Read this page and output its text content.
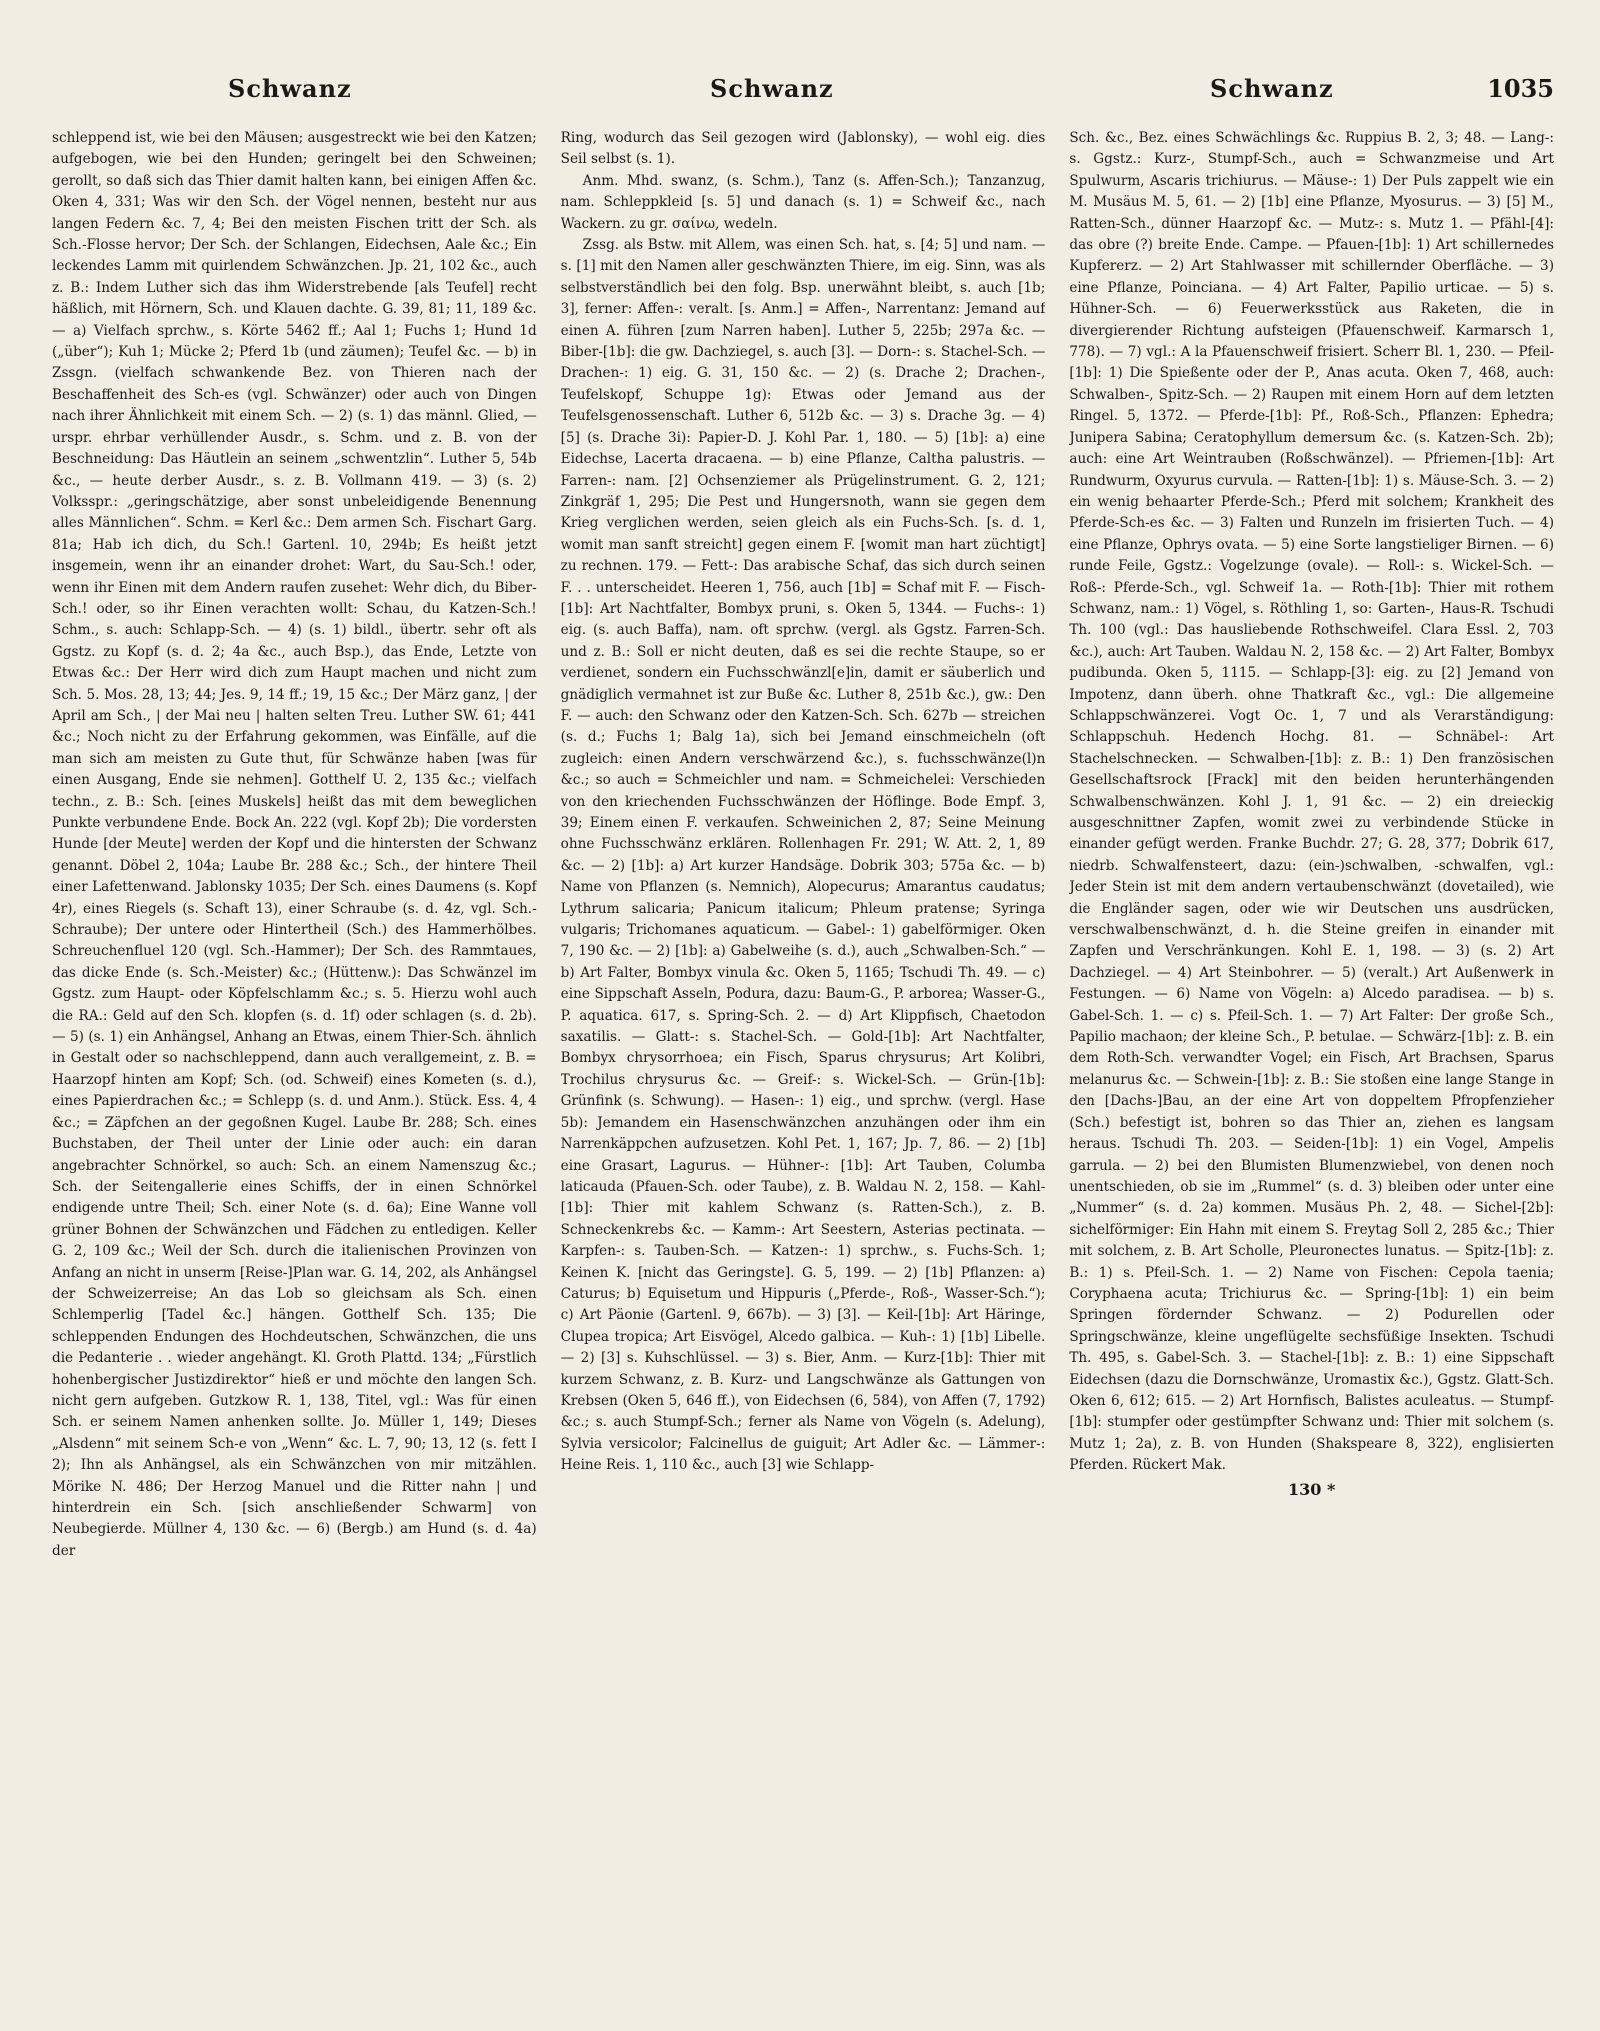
Schwanz	Schwanz	Schwanz	1035

schleppend ist, wie bei den Mäusen; ausgestreckt wie bei den Katzen; aufgebogen, wie bei den Hunden; geringelt bei den Schweinen; gerollt, so daß sich das Thier damit halten kann, bei einigen Affen &c. Oken 4, 331; Was wir den Sch. der Vögel nennen, besteht nur aus langen Federn &c. 7, 4; Bei den meisten Fischen tritt der Sch. als Sch.-Flosse hervor; Der Sch. der Schlangen, Eidechsen, Aale &c.; Ein leckendes Lamm mit quirlendem Schwänzchen. Jp. 21, 102 &c., auch z. B.: Indem Luther sich das ihm Widerstrebende [als Teufel] recht häßlich, mit Hörnern, Sch. und Klauen dachte. G. 39, 81; 11, 189 &c. — a) Vielfach sprchw., s. Körte 5462 ff.; Aal 1; Fuchs 1; Hund 1d („über“); Kuh 1; Mücke 2; Pferd 1b (und zäumen); Teufel &c. — b) in Zssgn. (vielfach schwankende Bez. von Thieren nach der Beschaffenheit des Sch-es (vgl. Schwänzer) oder auch von Dingen nach ihrer Ähnlichkeit mit einem Sch. — 2) (s. 1) das männl. Glied, — urspr. ehrbar verhüllender Ausdr., s. Schm. und z. B. von der Beschneidung: Das Häutlein an seinem „schwentzlin“. Luther 5, 54b &c., — heute derber Ausdr., s. z. B. Vollmann 419. — 3) (s. 2) Volksspr.: „geringschätzige, aber sonst unbeleidigende Benennung alles Männlichen“. Schm. = Kerl &c.: Dem armen Sch. Fischart Garg. 81a; Hab ich dich, du Sch.! Gartenl. 10, 294b; Es heißt jetzt insgemein, wenn ihr an einander drohet: Wart, du Sau-Sch.! oder, wenn ihr Einen mit dem Andern raufen zusehet: Wehr dich, du Biber-Sch.! oder, so ihr Einen verachten wollt: Schau, du Katzen-Sch.! Schm., s. auch: Schlapp-Sch. — 4) (s. 1) bildl., übertr. sehr oft als Ggstz. zu Kopf (s. d. 2; 4a &c., auch Bsp.), das Ende, Letzte von Etwas &c.: Der Herr wird dich zum Haupt machen und nicht zum Sch. 5. Mos. 28, 13; 44; Jes. 9, 14 ff.; 19, 15 &c.; Der März ganz, | der April am Sch., | der Mai neu | halten selten Treu. Luther SW. 61; 441 &c.; Noch nicht zu der Erfahrung gekommen, was Einfälle, auf die man sich am meisten zu Gute thut, für Schwänze haben [was für einen Ausgang, Ende sie nehmen]. Gotthelf U. 2, 135 &c.; vielfach techn., z. B.: Sch. [eines Muskels] heißt das mit dem beweglichen Punkte verbundene Ende. Bock An. 222 (vgl. Kopf 2b); Die vordersten Hunde [der Meute] werden der Kopf und die hintersten der Schwanz genannt. Döbel 2, 104a; Laube Br. 288 &c.; Sch., der hintere Theil einer Lafettenwand. Jablonsky 1035; Der Sch. eines Daumens (s. Kopf 4r), eines Riegels (s. Schaft 13), einer Schraube (s. d. 4z, vgl. Sch.-Schraube); Der untere oder Hintertheil (Sch.) des Hammerhölbes. Schreuchenfluel 120 (vgl. Sch.-Hammer); Der Sch. des Rammtaues, das dicke Ende (s. Sch.-Meister) &c.; (Hüttenw.): Das Schwänzel im Ggstz. zum Haupt- oder Köpfelschlamm &c.; s. 5. Hierzu wohl auch die RA.: Geld auf den Sch. klopfen (s. d. 1f) oder schlagen (s. d. 2b). — 5) (s. 1) ein Anhängsel, Anhang an Etwas, einem Thier-Sch. ähnlich in Gestalt oder so nachschleppend, dann auch verallgemeint, z. B. = Haarzopf hinten am Kopf; Sch. (od. Schweif) eines Kometen (s. d.), eines Papierdrachen &c.; = Schlepp (s. d. und Anm.). Stück. Ess. 4, 4 &c.; = Zäpfchen an der gegoßnen Kugel. Laube Br. 288; Sch. eines Buchstaben, der Theil unter der Linie oder auch: ein daran angebrachter Schnörkel, so auch: Sch. an einem Namenszug &c.; Sch. der Seitengallerie eines Schiffs, der in einen Schnörkel endigende untre Theil; Sch. einer Note (s. d. 6a); Eine Wanne voll grüner Bohnen der Schwänzchen und Fädchen zu entledigen. Keller G. 2, 109 &c.; Weil der Sch. durch die italienischen Provinzen von Anfang an nicht in unserm [Reise-]Plan war. G. 14, 202, als Anhängsel der Schweizerreise; An das Lob so gleichsam als Sch. einen Schlemperlig [Tadel &c.] hängen. Gotthelf Sch. 135; Die schleppenden Endungen des Hochdeutschen, Schwänzchen, die uns die Pedanterie . . wieder angehängt. Kl. Groth Plattd. 134; „Fürstlich hohenbergischer Justizdirektor“ hieß er und möchte den langen Sch. nicht gern aufgeben. Gutzkow R. 1, 138, Titel, vgl.: Was für einen Sch. er seinem Namen anhenken sollte. Jo. Müller 1, 149; Dieses „Alsdenn“ mit seinem Sch-e von „Wenn“ &c. L. 7, 90; 13, 12 (s. fett I 2); Ihn als Anhängsel, als ein Schwänzchen von mir mitzählen. Mörike N. 486; Der Herzog Manuel und die Ritter nahn | und hinterdrein ein Sch. [sich anschließender Schwarm] von Neubegierde. Müllner 4, 130 &c. — 6) (Bergb.) am Hund (s. d. 4a) der

Ring, wodurch das Seil gezogen wird (Jablonsky), — wohl eig. dies Seil selbst (s. 1).

Anm. Mhd. swanz, (s. Schm.), Tanz (s. Affen-Sch.); Tanzanzug, nam. Schleppkleid [s. 5] und danach (s. 1) = Schweif &c., nach Wackern. zu gr. σαίνω, wedeln.

Zssg. als Bstw. mit Allem, was einen Sch. hat, s. [4; 5] und nam. — s. [1] mit den Namen aller geschwänzten Thiere, im eig. Sinn, was als selbstverständlich bei den folg. Bsp. unerwähnt bleibt, s. auch [1b; 3], ferner: Affen-: veralt. [s. Anm.] = Affen-, Narrentanz: Jemand auf einen A. führen [zum Narren haben]. Luther 5, 225b; 297a &c. — Biber-[1b]: die gw. Dachziegel, s. auch [3]. — Dorn-: s. Stachel-Sch. — Drachen-: 1) eig. G. 31, 150 &c. — 2) (s. Drache 2; Drachen-, Teufelskopf, Schuppe 1g): Etwas oder Jemand aus der Teufelsgenossenschaft. Luther 6, 512b &c. — 3) s. Drache 3g. — 4) [5] (s. Drache 3i): Papier-D. J. Kohl Par. 1, 180. — 5) [1b]: a) eine Eidechse, Lacerta dracaena. — b) eine Pflanze, Caltha palustris. — Farren-: nam. [2] Ochsenziemer als Prügelinstrument. G. 2, 121; Zinkgräf 1, 295; Die Pest und Hungersnoth, wann sie gegen dem Krieg verglichen werden, seien gleich als ein Fuchs-Sch. [s. d. 1, womit man sanft streicht] gegen einem F. [womit man hart züchtigt] zu rechnen. 179. — Fett-: Das arabische Schaf, das sich durch seinen F. . . unterscheidet. Heeren 1, 756, auch [1b] = Schaf mit F. — Fisch-[1b]: Art Nachtfalter, Bombyx pruni, s. Oken 5, 1344. — Fuchs-: 1) eig. (s. auch Baffa), nam. oft sprchw. (vergl. als Ggstz. Farren-Sch. und z. B.: Soll er nicht deuten, daß es sei die rechte Staupe, so er verdienet, sondern ein Fuchsschwänzl[e]in, damit er säuberlich und gnädiglich vermahnet ist zur Buße &c. Luther 8, 251b &c.), gw.: Den F. — auch: den Schwanz oder den Katzen-Sch. Sch. 627b — streichen (s. d.; Fuchs 1; Balg 1a), sich bei Jemand einschmeicheln (oft zugleich: einen Andern verschwärzend &c.), s. fuchsschwänze(l)n &c.; so auch = Schmeichler und nam. = Schmeichelei: Verschieden von den kriechenden Fuchsschwänzen der Höflinge. Bode Empf. 3, 39; Einem einen F. verkaufen. Schweinichen 2, 87; Seine Meinung ohne Fuchsschwänz erklären. Rollenhagen Fr. 291; W. Att. 2, 1, 89 &c. — 2) [1b]: a) Art kurzer Handsäge. Dobrik 303; 575a &c. — b) Name von Pflanzen (s. Nemnich), Alopecurus; Amarantus caudatus; Lythrum salicaria; Panicum italicum; Phleum pratense; Syringa vulgaris; Trichomanes aquaticum. — Gabel-: 1) gabelförmiger. Oken 7, 190 &c. — 2) [1b]: a) Gabelweihe (s. d.), auch „Schwalben-Sch.“ — b) Art Falter, Bombyx vinula &c. Oken 5, 1165; Tschudi Th. 49. — c) eine Sippschaft Asseln, Podura, dazu: Baum-G., P. arborea; Wasser-G., P. aquatica. 617, s. Spring-Sch. 2. — d) Art Klippfisch, Chaetodon saxatilis. — Glatt-: s. Stachel-Sch. — Gold-[1b]: Art Nachtfalter, Bombyx chrysorrhoea; ein Fisch, Sparus chrysurus; Art Kolibri, Trochilus chrysurus &c. — Greif-: s. Wickel-Sch. — Grün-[1b]: Grünfink (s. Schwung). — Hasen-: 1) eig., und sprchw. (vergl. Hase 5b): Jemandem ein Hasenschwänzchen anzuhängen oder ihm ein Narrenkäppchen aufzusetzen. Kohl Pet. 1, 167; Jp. 7, 86. — 2) [1b] eine Grasart, Lagurus. — Hühner-: [1b]: Art Tauben, Columba laticauda (Pfauen-Sch. oder Taube), z. B. Waldau N. 2, 158. — Kahl-[1b]: Thier mit kahlem Schwanz (s. Ratten-Sch.), z. B. Schneckenkrebs &c. — Kamm-: Art Seestern, Asterias pectinata. — Karpfen-: s. Tauben-Sch. — Katzen-: 1) sprchw., s. Fuchs-Sch. 1; Keinen K. [nicht das Geringste]. G. 5, 199. — 2) [1b] Pflanzen: a) Caturus; b) Equisetum und Hippuris („Pferde-, Roß-, Wasser-Sch.“); c) Art Päonie (Gartenl. 9, 667b). — 3) [3]. — Keil-[1b]: Art Häringe, Clupea tropica; Art Eisvögel, Alcedo galbica. — Kuh-: 1) [1b] Libelle. — 2) [3] s. Kuhschlüssel. — 3) s. Bier, Anm. — Kurz-[1b]: Thier mit kurzem Schwanz, z. B. Kurz- und Langschwänze als Gattungen von Krebsen (Oken 5, 646 ff.), von Eidechsen (6, 584), von Affen (7, 1792) &c.; s. auch Stumpf-Sch.; ferner als Name von Vögeln (s. Adelung), Sylvia versicolor; Falcinellus de guiguit; Art Adler &c. — Lämmer-: Heine Reis. 1, 110 &c., auch [3] wie Schlapp-

Sch. &c., Bez. eines Schwächlings &c. Ruppius B. 2, 3; 48. — Lang-: s. Ggstz.: Kurz-, Stumpf-Sch., auch = Schwanzmeise und Art Spulwurm, Ascaris trichiurus. — Mäuse-: 1) Der Puls zappelt wie ein M. Musäus M. 5, 61. — 2) [1b] eine Pflanze, Myosurus. — 3) [5] M., Ratten-Sch., dünner Haarzopf &c. — Mutz-: s. Mutz 1. — Pfähl-[4]: das obre (?) breite Ende. Campe. — Pfauen-[1b]: 1) Art schillernedes Kupfererz. — 2) Art Stahlwasser mit schillernder Oberfläche. — 3) eine Pflanze, Poinciana. — 4) Art Falter, Papilio urticae. — 5) s. Hühner-Sch. — 6) Feuerwerksstück aus Raketen, die in divergierender Richtung aufsteigen (Pfauenschweif. Karmarsch 1, 778). — 7) vgl.: A la Pfauenschweif frisiert. Scherr Bl. 1, 230. — Pfeil-[1b]: 1) Die Spießente oder der P., Anas acuta. Oken 7, 468, auch: Schwalben-, Spitz-Sch. — 2) Raupen mit einem Horn auf dem letzten Ringel. 5, 1372. — Pferde-[1b]: Pf., Roß-Sch., Pflanzen: Ephedra; Junipera Sabina; Ceratophyllum demersum &c. (s. Katzen-Sch. 2b); auch: eine Art Weintrauben (Roßschwänzel). — Pfriemen-[1b]: Art Rundwurm, Oxyurus curvula. — Ratten-[1b]: 1) s. Mäuse-Sch. 3. — 2) ein wenig behaarter Pferde-Sch.; Pferd mit solchem; Krankheit des Pferde-Sch-es &c. — 3) Falten und Runzeln im frisierten Tuch. — 4) eine Pflanze, Ophrys ovata. — 5) eine Sorte langstieliger Birnen. — 6) runde Feile, Ggstz.: Vogelzunge (ovale). — Roll-: s. Wickel-Sch. — Roß-: Pferde-Sch., vgl. Schweif 1a. — Roth-[1b]: Thier mit rothem Schwanz, nam.: 1) Vögel, s. Röthling 1, so: Garten-, Haus-R. Tschudi Th. 100 (vgl.: Das hausliebende Rothschweifel. Clara Essl. 2, 703 &c.), auch: Art Tauben. Waldau N. 2, 158 &c. — 2) Art Falter, Bombyx pudibunda. Oken 5, 1115. — Schlapp-[3]: eig. zu [2] Jemand von Impotenz, dann überh. ohne Thatkraft &c., vgl.: Die allgemeine Schlappschwänzerei. Vogt Oc. 1, 7 und als Verarständigung: Schlappschuh. Hedench Hochg. 81. — Schnäbel-: Art Stachelschnecken. — Schwalben-[1b]: z. B.: 1) Den französischen Gesellschaftsrock [Frack] mit den beiden herunterhängenden Schwalbenschwänzen. Kohl J. 1, 91 &c. — 2) ein dreieckig ausgeschnittner Zapfen, womit zwei zu verbindende Stücke in einander gefügt werden. Franke Buchdr. 27; G. 28, 377; Dobrik 617, niedrb. Schwalfensteert, dazu: (ein-)schwalben, -schwalfen, vgl.: Jeder Stein ist mit dem andern vertaubenschwänzt (dovetailed), wie die Engländer sagen, oder wie wir Deutschen uns ausdrücken, verschwalbenschwänzt, d. h. die Steine greifen in einander mit Zapfen und Verschränkungen. Kohl E. 1, 198. — 3) (s. 2) Art Dachziegel. — 4) Art Steinbohrer. — 5) (veralt.) Art Außenwerk in Festungen. — 6) Name von Vögeln: a) Alcedo paradisea. — b) s. Gabel-Sch. 1. — c) s. Pfeil-Sch. 1. — 7) Art Falter: Der große Sch., Papilio machaon; der kleine Sch., P. betulae. — Schwärz-[1b]: z. B. ein dem Roth-Sch. verwandter Vogel; ein Fisch, Art Brachsen, Sparus melanurus &c. — Schwein-[1b]: z. B.: Sie stoßen eine lange Stange in den [Dachs-]Bau, an der eine Art von doppeltem Pfropfenzieher (Sch.) befestigt ist, bohren so das Thier an, ziehen es langsam heraus. Tschudi Th. 203. — Seiden-[1b]: 1) ein Vogel, Ampelis garrula. — 2) bei den Blumisten Blumenzwiebel, von denen noch unentschieden, ob sie im „Rummel“ (s. d. 3) bleiben oder unter eine „Nummer“ (s. d. 2a) kommen. Musäus Ph. 2, 48. — Sichel-[2b]: sichelförmiger: Ein Hahn mit einem S. Freytag Soll 2, 285 &c.; Thier mit solchem, z. B. Art Scholle, Pleuronectes lunatus. — Spitz-[1b]: z. B.: 1) s. Pfeil-Sch. 1. — 2) Name von Fischen: Cepola taenia; Coryphaena acuta; Trichiurus &c. — Spring-[1b]: 1) ein beim Springen fördernder Schwanz. — 2) Podurellen oder Springschwänze, kleine ungeflügelte sechsfüßige Insekten. Tschudi Th. 495, s. Gabel-Sch. 3. — Stachel-[1b]: z. B.: 1) eine Sippschaft Eidechsen (dazu die Dornschwänze, Uromastix &c.), Ggstz. Glatt-Sch. Oken 6, 612; 615. — 2) Art Hornfisch, Balistes aculeatus. — Stumpf-[1b]: stumpfer oder gestümpfter Schwanz und: Thier mit solchem (s. Mutz 1; 2a), z. B. von Hunden (Shakspeare 8, 322), englisierten Pferden. Rückert Mak.

130 *
